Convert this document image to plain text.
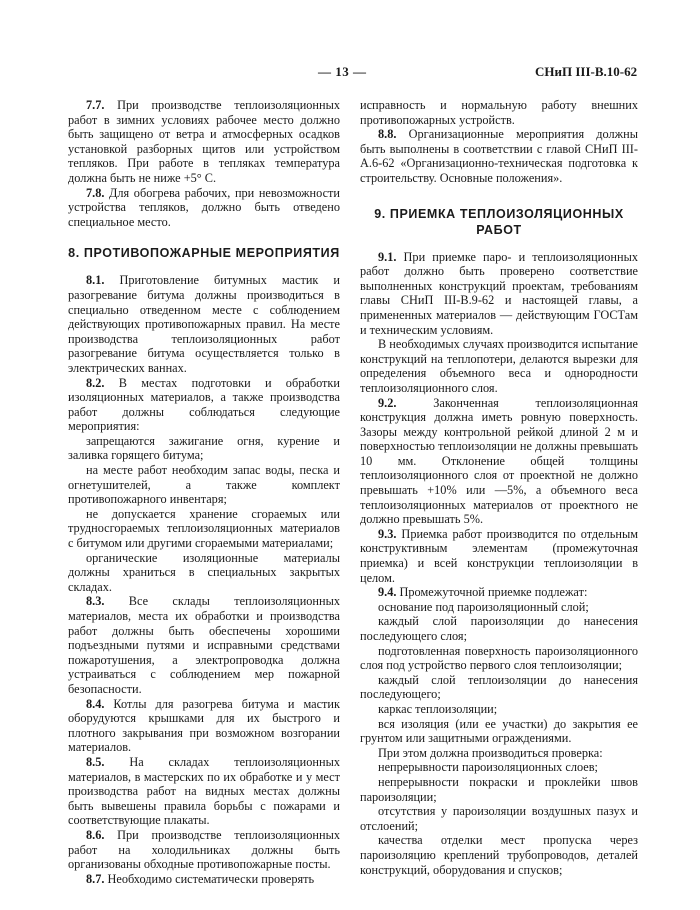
— 13 —	СНиП III-В.10-62

7.7. При производстве теплоизоляционных работ в зимних условиях рабочее место должно быть защищено от ветра и атмосферных осадков установкой разборных щитов или устройством тепляков. При работе в тепляках температура должна быть не ниже +5° С.

7.8. Для обогрева рабочих, при невозможности устройства тепляков, должно быть отведено специальное место.

8. ПРОТИВОПОЖАРНЫЕ МЕРОПРИЯТИЯ

8.1. Приготовление битумных мастик и разогревание битума должны производиться в специально отведенном месте с соблюдением действующих противопожарных правил. На месте производства теплоизоляционных работ разогревание битума осуществляется только в электрических ваннах.

8.2. В местах подготовки и обработки изоляционных материалов, а также производства работ должны соблюдаться следующие мероприятия:

запрещаются зажигание огня, курение и заливка горящего битума;

на месте работ необходим запас воды, песка и огнетушителей, а также комплект противопожарного инвентаря;

не допускается хранение сгораемых или трудносгораемых теплоизоляционных материалов с битумом или другими сгораемыми материалами;

органические изоляционные материалы должны храниться в специальных закрытых складах.

8.3. Все склады теплоизоляционных материалов, места их обработки и производства работ должны быть обеспечены хорошими подъездными путями и исправными средствами пожаротушения, а электропроводка должна устраиваться с соблюдением мер пожарной безопасности.

8.4. Котлы для разогрева битума и мастик оборудуются крышками для их быстрого и плотного закрывания при возможном возгорании материалов.

8.5. На складах теплоизоляционных материалов, в мастерских по их обработке и у мест производства работ на видных местах должны быть вывешены правила борьбы с пожарами и соответствующие плакаты.

8.6. При производстве теплоизоляционных работ на холодильниках должны быть организованы обходные противопожарные посты.

8.7. Необходимо систематически проверять

исправность и нормальную работу внешних противопожарных устройств.

8.8. Организационные мероприятия должны быть выполнены в соответствии с главой СНиП III-А.6-62 «Организационно-техническая подготовка к строительству. Основные положения».

9. ПРИЕМКА ТЕПЛОИЗОЛЯЦИОННЫХ РАБОТ

9.1. При приемке паро- и теплоизоляционных работ должно быть проверено соответствие выполненных конструкций проектам, требованиям главы СНиП III-В.9-62 и настоящей главы, а примененных материалов — действующим ГОСТам и техническим условиям.

В необходимых случаях производится испытание конструкций на теплопотери, делаются вырезки для определения объемного веса и однородности теплоизоляционного слоя.

9.2. Законченная теплоизоляционная конструкция должна иметь ровную поверхность. Зазоры между контрольной рейкой длиной 2 м и поверхностью теплоизоляции не должны превышать 10 мм. Отклонение общей толщины теплоизоляционного слоя от проектной не должно превышать +10% или —5%, а объемного веса теплоизоляционных материалов от проектного не должно превышать 5%.

9.3. Приемка работ производится по отдельным конструктивным элементам (промежуточная приемка) и всей конструкции теплоизоляции в целом.

9.4. Промежуточной приемке подлежат:

основание под пароизоляционный слой;

каждый слой пароизоляции до нанесения последующего слоя;

подготовленная поверхность пароизоляционного слоя под устройство первого слоя теплоизоляции;

каждый слой теплоизоляции до нанесения последующего;

каркас теплоизоляции;

вся изоляция (или ее участки) до закрытия ее грунтом или защитными ограждениями.

При этом должна производиться проверка:

непрерывности пароизоляционных слоев;

непрерывности покраски и проклейки швов пароизоляции;

отсутствия у пароизоляции воздушных пазух и отслоений;

качества отделки мест пропуска через пароизоляцию креплений трубопроводов, деталей конструкций, оборудования и спусков;
